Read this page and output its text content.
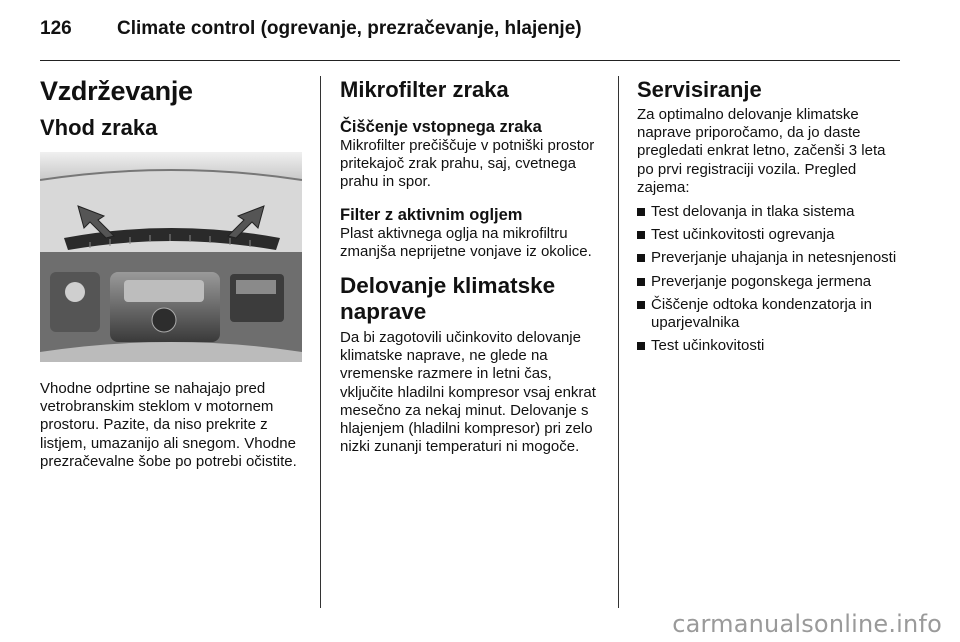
126 Climate control (ogrevanje, prezračevanje, hlajenje)
Vzdrževanje
Vhod zraka

Vhodne odprtine se nahajajo pred vetrobranskim steklom v motornem prostoru. Pazite, da niso prekrite z listjem, umazanijo ali snegom. Vhodne prezračevalne šobe po potrebi očistite.

Mikrofilter zraka
Čiščenje vstopnega zraka

Mikrofilter prečiščuje v potniški prostor pritekajoč zrak prahu, saj, cvetnega prahu in spor.

Filter z aktivnim ogljem

Plast aktivnega oglja na mikrofiltru zmanjša neprijetne vonjave iz okolice.

Delovanje klimatske naprave

Da bi zagotovili učinkovito delovanje klimatske naprave, ne glede na vremenske razmere in letni čas, vključite hladilni kompresor vsaj enkrat mesečno za nekaj minut. Delovanje s hlajenjem (hladilni kompresor) pri zelo nizki zunanji temperaturi ni mogoče.

Servisiranje

Za optimalno delovanje klimatske naprave priporočamo, da jo daste pregledati enkrat letno, začenši 3 leta po prvi registraciji vozila. Pregled zajema:

Test delovanja in tlaka sistema
Test učinkovitosti ogrevanja
Preverjanje uhajanja in netesnjenosti
Preverjanje pogonskega jermena
Čiščenje odtoka kondenzatorja in uparjevalnika
Test učinkovitosti
carmanualsonline.info
